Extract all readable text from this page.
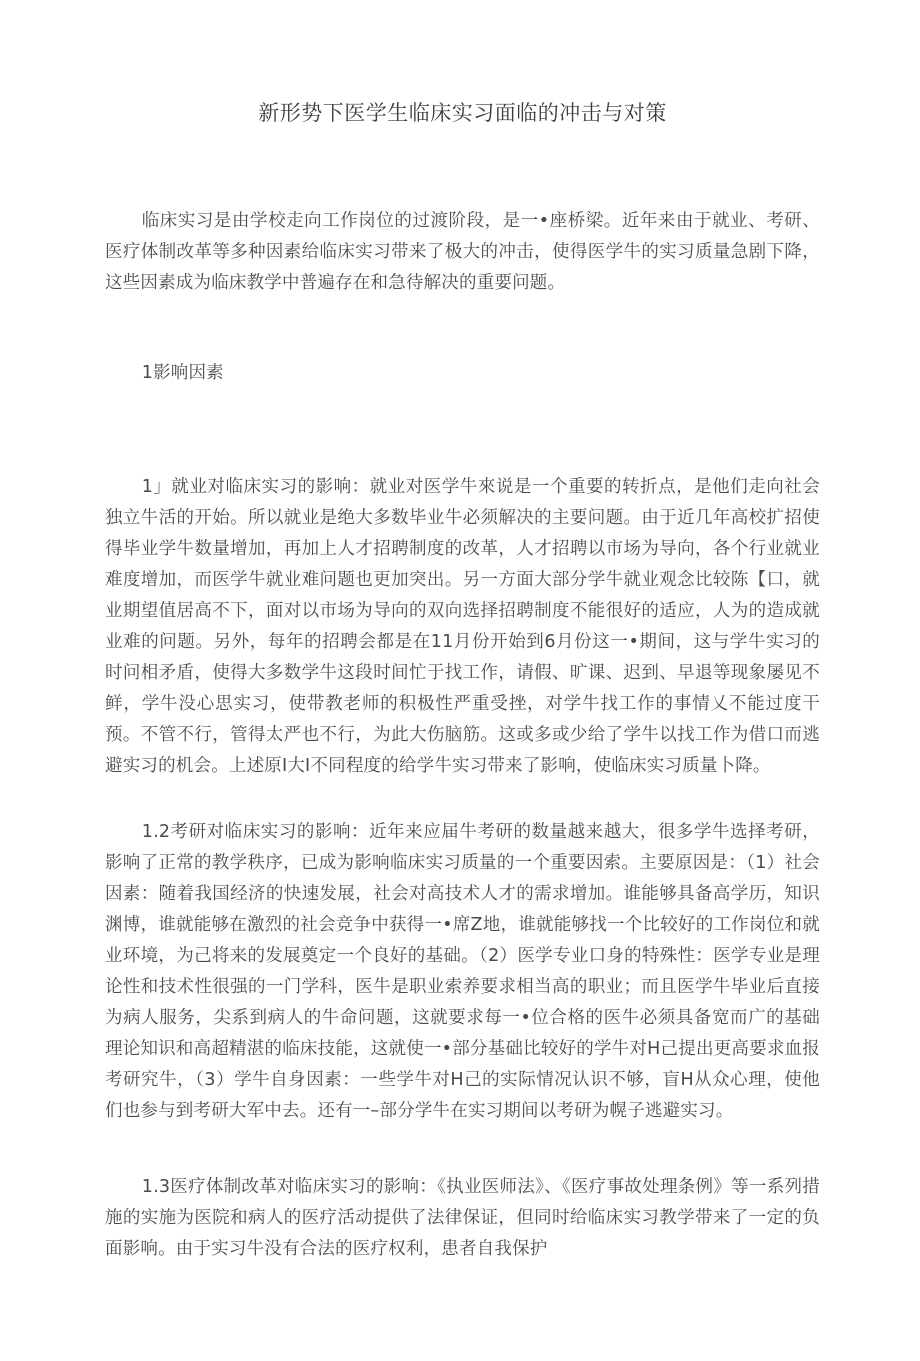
新形势下医学生临床实习面临的冲击与对策

临床实习是由学校走向工作岗位的过渡阶段，是一•座桥梁。近年来由于就业、考研、医疗体制改革等多种因素给临床实习带来了极大的冲击，使得医学牛的实习质量急剧下降，这些因素成为临床教学中普遍存在和急待解决的重要问题。

1影响因素

1」就业对临床实习的影响：就业对医学牛來说是一个重要的转折点，是他们走向社会独立牛活的开始。所以就业是绝大多数毕业牛必须解决的主要问题。由于近几年高校扩招使得毕业学牛数量增加，再加上人才招聘制度的改革，人才招聘以市场为导向，各个行业就业难度增加，而医学牛就业难问题也更加突出。另一方面大部分学牛就业观念比较陈【口，就业期望值居高不下，面对以市场为导向的双向选择招聘制度不能很好的适应，人为的造成就业难的问题。另外，每年的招聘会都是在11月份开始到6月份这一•期间，这与学牛实习的时问相矛盾，使得大多数学牛这段时间忙于找工作，请假、旷课、迟到、早退等现象屡见不鲜，学牛没心思实习，使带教老师的积极性严重受挫，对学牛找工作的事情乂不能过度干预。不管不行，管得太严也不行，为此大伤脑筋。这或多或少给了学牛以找工作为借口而逃避实习的机会。上述原I大I不同程度的给学牛实习带来了影响，使临床实习质量卜降。

1.2考研对临床实习的影响：近年来应届牛考研的数量越来越大，很多学牛选择考研，影响了正常的教学秩序，已成为影响临床实习质量的一个重要因索。主要原因是：（1）社会因素：随着我国经济的快速发展，社会对高技术人才的需求增加。谁能够具备高学历，知识渊博，谁就能够在激烈的社会竞争中获得一•席Z地，谁就能够找一个比较好的工作岗位和就业环境，为己将来的发展奠定一个良好的基础。（2）医学专业口身的特殊性：医学专业是理论性和技术性很强的一门学科，医牛是职业索养要求相当高的职业；而且医学牛毕业后直接为病人服务，尖系到病人的牛命问题，这就要求每一•位合格的医牛必须具备宽而广的基础理论知识和高超精湛的临床技能，这就使一•部分基础比较好的学牛对H己提出更高要求血报考研究牛，（3）学牛自身因素：一些学牛对H己的实际情况认识不够，盲H从众心理，使他们也参与到考研大军中去。还有一–部分学牛在实习期间以考研为幌子逃避实习。

1.3医疗体制改革对临床实习的影响：《执业医师法》、《医疗事故处理条例》等一系列措施的实施为医院和病人的医疗活动提供了法律保证，但同时给临床实习教学带来了一定的负面影响。由于实习牛没有合法的医疗权利，患者自我保护
